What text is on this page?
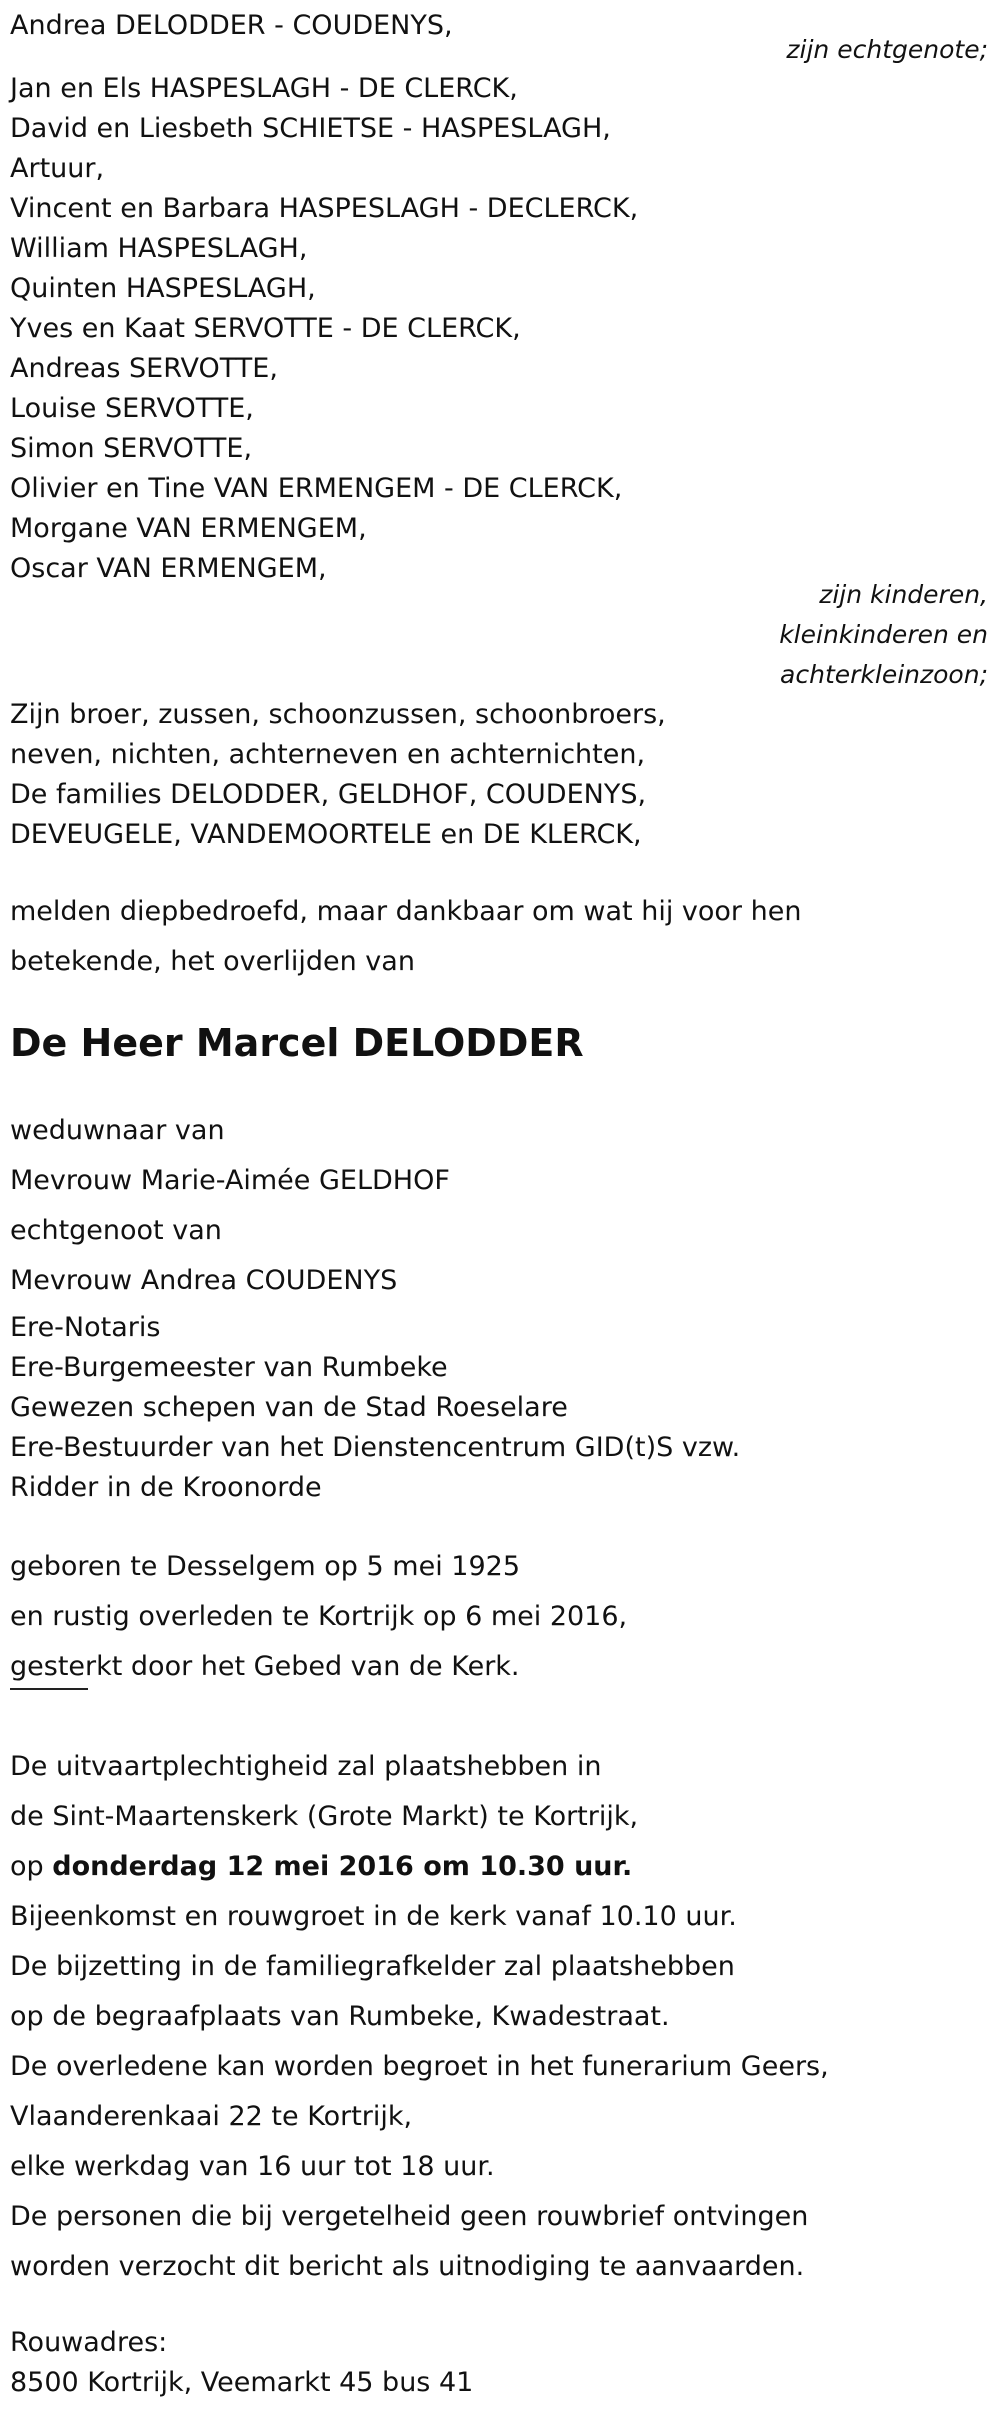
Andrea DELODDER - COUDENYS,
zijn echtgenote;
Jan en Els HASPESLAGH - DE CLERCK,
David en Liesbeth SCHIETSE - HASPESLAGH,
Artuur,
Vincent en Barbara HASPESLAGH - DECLERCK,
William HASPESLAGH,
Quinten HASPESLAGH,
Yves en Kaat SERVOTTE - DE CLERCK,
Andreas SERVOTTE,
Louise SERVOTTE,
Simon SERVOTTE,
Olivier en Tine VAN ERMENGEM - DE CLERCK,
Morgane VAN ERMENGEM,
Oscar VAN ERMENGEM,
zijn kinderen,
kleinkinderen en
achterkleinzoon;
Zijn broer, zussen, schoonzussen, schoonbroers,
neven, nichten, achterneven en achternichten,
De families DELODDER, GELDHOF, COUDENYS,
DEVEUGELE, VANDEMOORTELE en DE KLERCK,
melden diepbedroefd, maar dankbaar om wat hij voor hen
betekende, het overlijden van
De Heer Marcel DELODDER
weduwnaar van
Mevrouw Marie-Aimée GELDHOF
echtgenoot van
Mevrouw Andrea COUDENYS
Ere-Notaris
Ere-Burgemeester van Rumbeke
Gewezen schepen van de Stad Roeselare
Ere-Bestuurder van het Dienstencentrum GID(t)S vzw.
Ridder in de Kroonorde
geboren te Desselgem op 5 mei 1925
en rustig overleden te Kortrijk op 6 mei 2016,
gesterkt door het Gebed van de Kerk.
De uitvaartplechtigheid zal plaatshebben in
de Sint-Maartenskerk (Grote Markt) te Kortrijk,
op donderdag 12 mei 2016 om 10.30 uur.
Bijeenkomst en rouwgroet in de kerk vanaf 10.10 uur.
De bijzetting in de familiegrafkelder zal plaatshebben
op de begraafplaats van Rumbeke, Kwadestraat.
De overledene kan worden begroet in het funerarium Geers,
Vlaanderenkaai 22 te Kortrijk,
elke werkdag van 16 uur tot 18 uur.
De personen die bij vergetelheid geen rouwbrief ontvingen
worden verzocht dit bericht als uitnodiging te aanvaarden.
Rouwadres:
8500 Kortrijk, Veemarkt 45 bus 41
